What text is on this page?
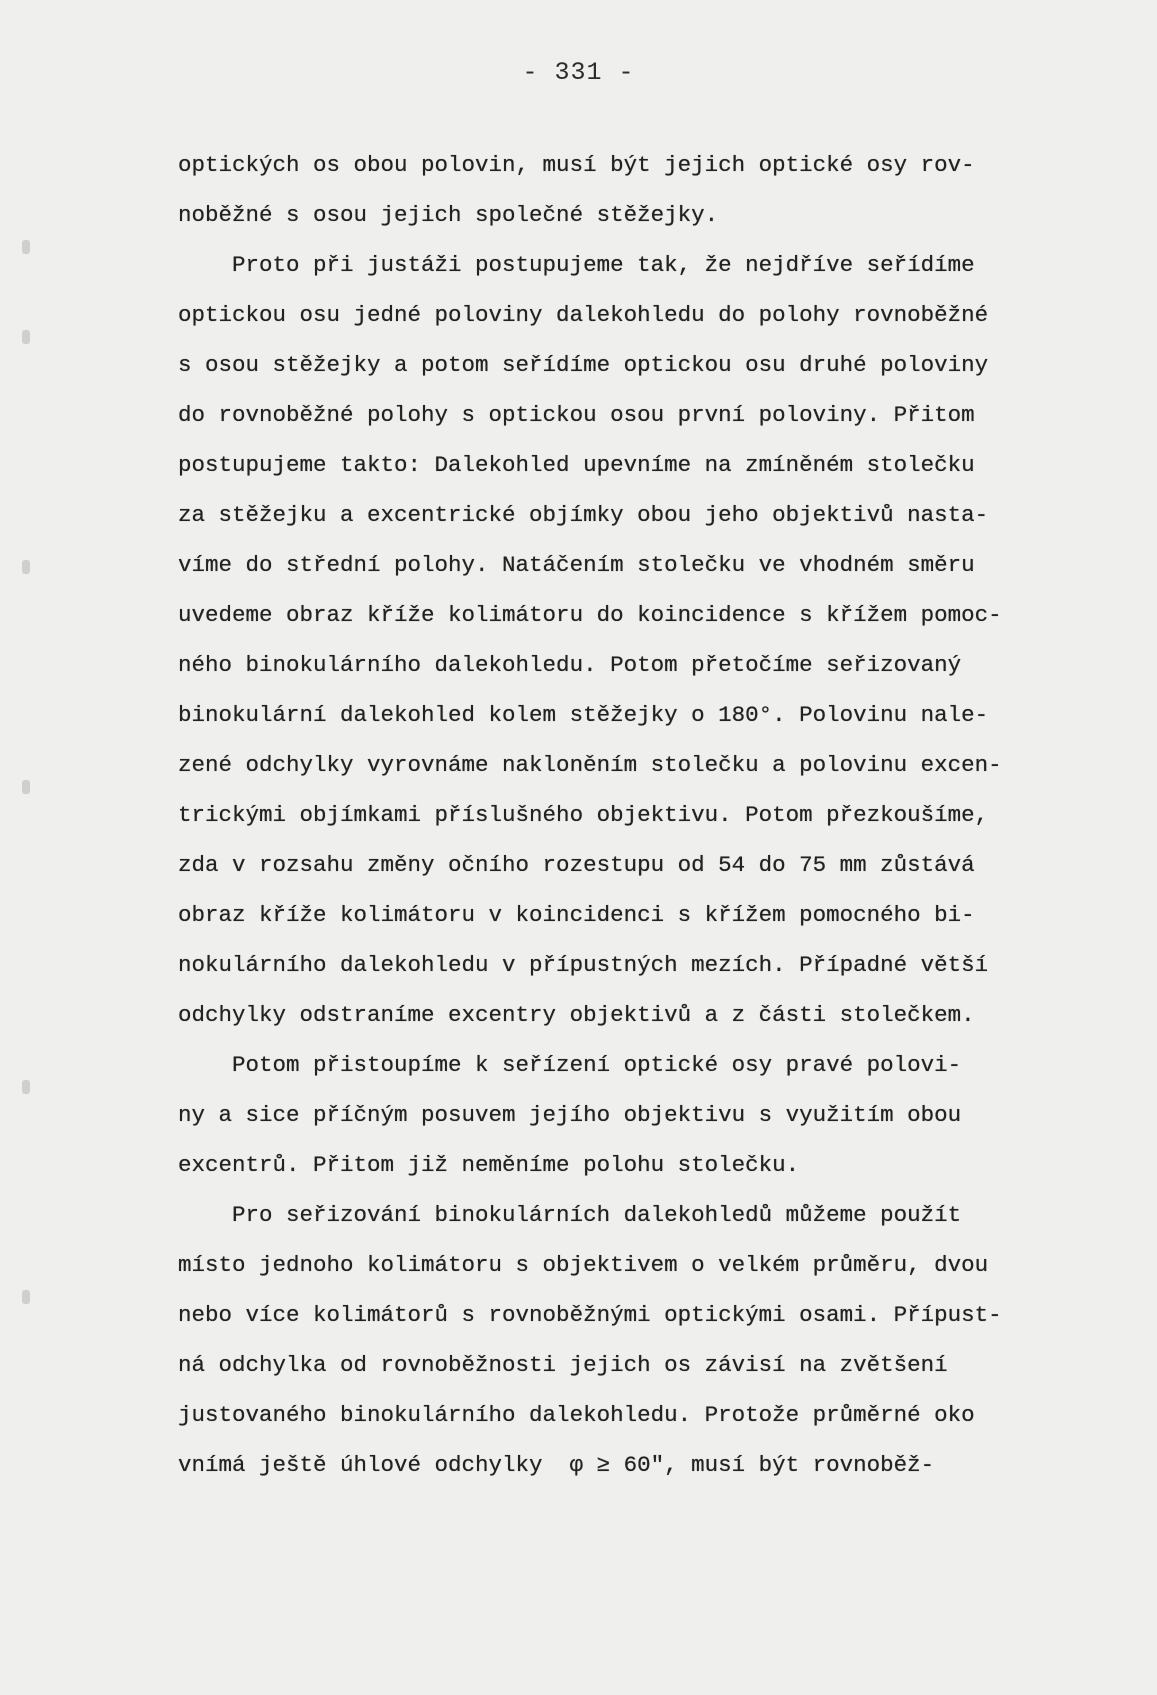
- 331 -
optických os obou polovin, musí být jejich optické osy rov-
noběžné s osou jejich společné stěžejky.
Proto při justáži postupujeme tak, že nejdříve seřídíme
optickou osu jedné poloviny dalekohledu do polohy rovnoběžné
s osou stěžejky a potom seřídíme optickou osu druhé poloviny
do rovnoběžné polohy s optickou osou první poloviny. Přitom
postupujeme takto: Dalekohled upevníme na zmíněném stolečku
za stěžejku a excentrické objímky obou jeho objektivů nasta-
víme do střední polohy. Natáčením stolečku ve vhodném směru
uvedeme obraz kříže kolimátoru do koincidence s křížem pomoc-
ného binokulárního dalekohledu. Potom přetočíme seřizovaný
binokulární dalekohled kolem stěžejky o 180°. Polovinu nale-
zené odchylky vyrovnáme nakloněním stolečku a polovinu excen-
trickými objímkami příslušného objektivu. Potom přezkoušíme,
zda v rozsahu změny očního rozestupu od 54 do 75 mm zůstává
obraz kříže kolimátoru v koincidenci s křížem pomocného bi-
nokulárního dalekohledu v přípustných mezích. Případné větší
odchylky odstraníme excentry objektivů a z části stolečkem.
Potom přistoupíme k seřízení optické osy pravé polovi-
ny a sice příčným posuvem jejího objektivu s využitím obou
excentrů. Přitom již neměníme polohu stolečku.
Pro seřizování binokulárních dalekohledů můžeme použít
místo jednoho kolimátoru s objektivem o velkém průměru, dvou
nebo více kolimátorů s rovnoběžnými optickými osami. Přípust-
ná odchylka od rovnoběžnosti jejich os závisí na zvětšení
justovaného binokulárního dalekohledu. Protože průměrné oko
vnímá ještě úhlové odchylky  φ ≥ 60", musí být rovnoběž-
